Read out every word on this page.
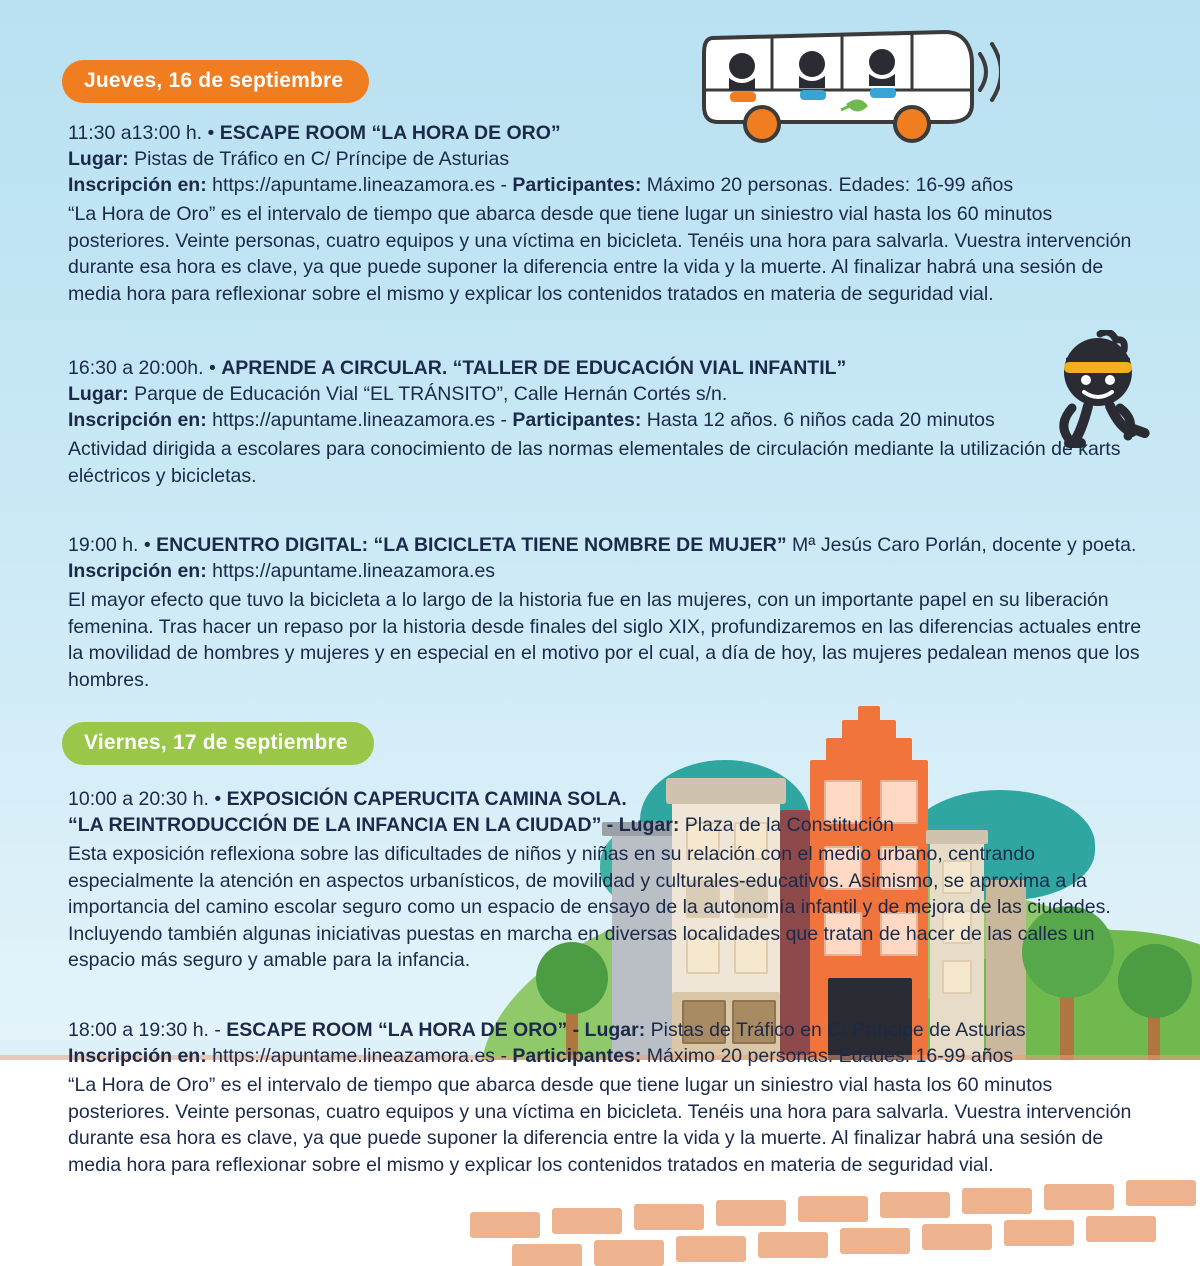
Jueves, 16 de septiembre
11:30 a13:00 h. • ESCAPE ROOM “LA HORA DE ORO”
Lugar: Pistas de Tráfico en C/ Príncipe de Asturias
Inscripción en: https://apuntame.lineazamora.es - Participantes: Máximo 20 personas. Edades: 16-99 años
“La Hora de Oro” es el intervalo de tiempo que abarca desde que tiene lugar un siniestro vial hasta los 60 minutos posteriores. Veinte personas, cuatro equipos y una víctima en bicicleta. Tenéis una hora para salvarla. Vuestra intervención durante esa hora es clave, ya que puede suponer la diferencia entre la vida y la muerte. Al finalizar habrá una sesión de media hora para reflexionar sobre el mismo y explicar los contenidos tratados en materia de seguridad vial.
16:30 a 20:00h. • APRENDE A CIRCULAR. “TALLER DE EDUCACIÓN VIAL INFANTIL”
Lugar: Parque de Educación Vial “EL TRÁNSITO”, Calle Hernán Cortés s/n.
Inscripción en: https://apuntame.lineazamora.es - Participantes: Hasta 12 años. 6 niños cada 20 minutos
Actividad dirigida a escolares para conocimiento de las normas elementales de circulación mediante la utilización de karts eléctricos y bicicletas.
19:00 h. • ENCUENTRO DIGITAL: “LA BICICLETA TIENE NOMBRE DE MUJER” Mª Jesús Caro Porlán, docente y poeta.
Inscripción en: https://apuntame.lineazamora.es
El mayor efecto que tuvo la bicicleta a lo largo de la historia fue en las mujeres, con un importante papel en su liberación femenina. Tras hacer un repaso por la historia desde finales del siglo XIX, profundizaremos en las diferencias actuales entre la movilidad de hombres y mujeres y en especial en el motivo por el cual, a día de hoy, las mujeres pedalean menos que los hombres.
Viernes, 17 de septiembre
10:00 a 20:30 h. • EXPOSICIÓN CAPERUCITA CAMINA SOLA.
“LA REINTRODUCCIÓN DE LA INFANCIA EN LA CIUDAD” - Lugar: Plaza de la Constitución
Esta exposición reflexiona sobre las dificultades de niños y niñas en su relación con el medio urbano, centrando especialmente la atención en aspectos urbanísticos, de movilidad y culturales-educativos. Asimismo, se aproxima a la importancia del camino escolar seguro como un espacio de ensayo de la autonomía infantil y de mejora de las ciudades. Incluyendo también algunas iniciativas puestas en marcha en diversas localidades que tratan de hacer de las calles un espacio más seguro y amable para la infancia.
18:00 a 19:30 h. - ESCAPE ROOM “LA HORA DE ORO” - Lugar: Pistas de Tráfico en C/ Príncipe de Asturias
Inscripción en: https://apuntame.lineazamora.es - Participantes: Máximo 20 personas. Edades: 16-99 años
“La Hora de Oro” es el intervalo de tiempo que abarca desde que tiene lugar un siniestro vial hasta los 60 minutos posteriores. Veinte personas, cuatro equipos y una víctima en bicicleta. Tenéis una hora para salvarla. Vuestra intervención durante esa hora es clave, ya que puede suponer la diferencia entre la vida y la muerte. Al finalizar habrá una sesión de media hora para reflexionar sobre el mismo y explicar los contenidos tratados en materia de seguridad vial.
